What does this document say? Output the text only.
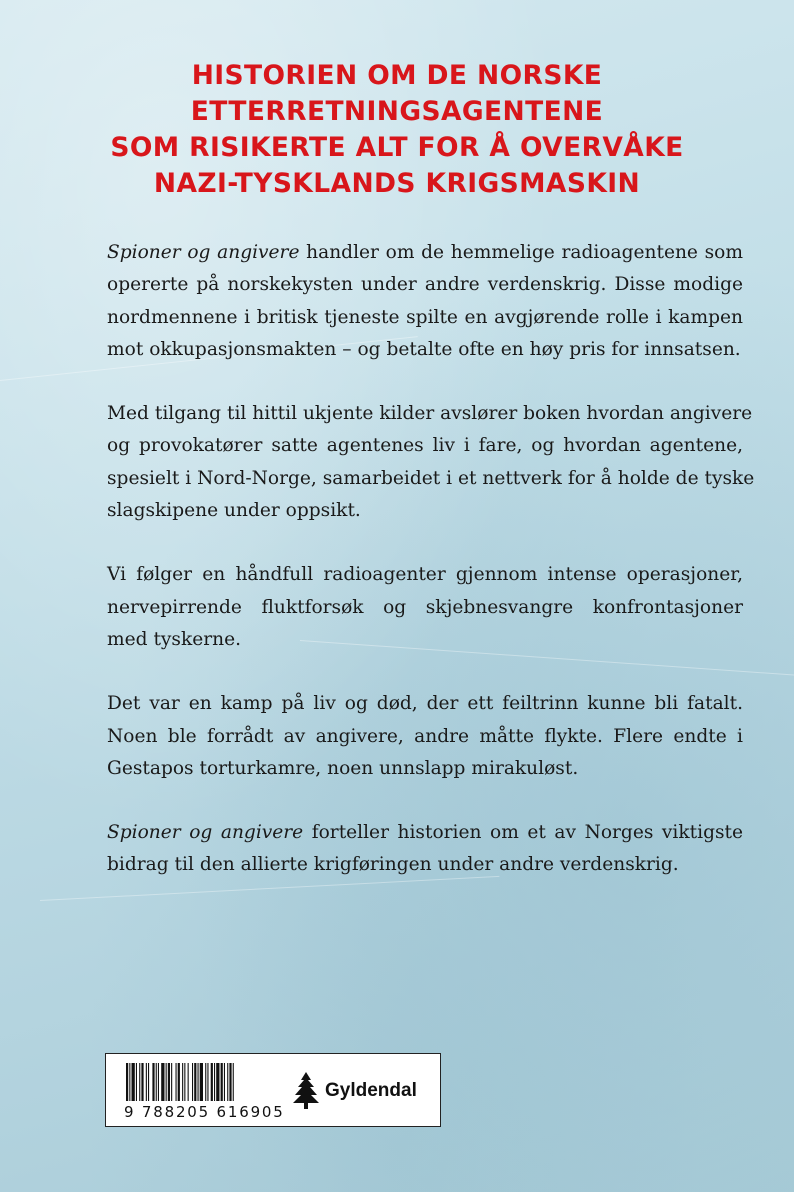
HISTORIEN OM DE NORSKE
ETTERRETNINGSAGENTENE
SOM RISIKERTE ALT FOR Å OVERVÅKE
NAZI-TYSKLANDS KRIGSMASKIN

Spioner og angivere handler om de hemmelige radioagentene som
opererte på norskekysten under andre verdenskrig. Disse modige
nordmennene i britisk tjeneste spilte en avgjørende rolle i kampen
mot okkupasjonsmakten – og betalte ofte en høy pris for innsatsen.

Med tilgang til hittil ukjente kilder avslører boken hvordan angivere
og provokatører satte agentenes liv i fare, og hvordan agentene,
spesielt i Nord-Norge, samarbeidet i et nettverk for å holde de tyske
slagskipene under oppsikt.

Vi følger en håndfull radioagenter gjennom intense operasjoner,
nervepirrende fluktforsøk og skjebnesvangre konfrontasjoner
med tyskerne.

Det var en kamp på liv og død, der ett feiltrinn kunne bli fatalt.
Noen ble forrådt av angivere, andre måtte flykte. Flere endte i
Gestapos torturkamre, noen unnslapp mirakuløst.

Spioner og angivere forteller historien om et av Norges viktigste
bidrag til den allierte krigføringen under andre verdenskrig.

9 788205 616905
Gyldendal
